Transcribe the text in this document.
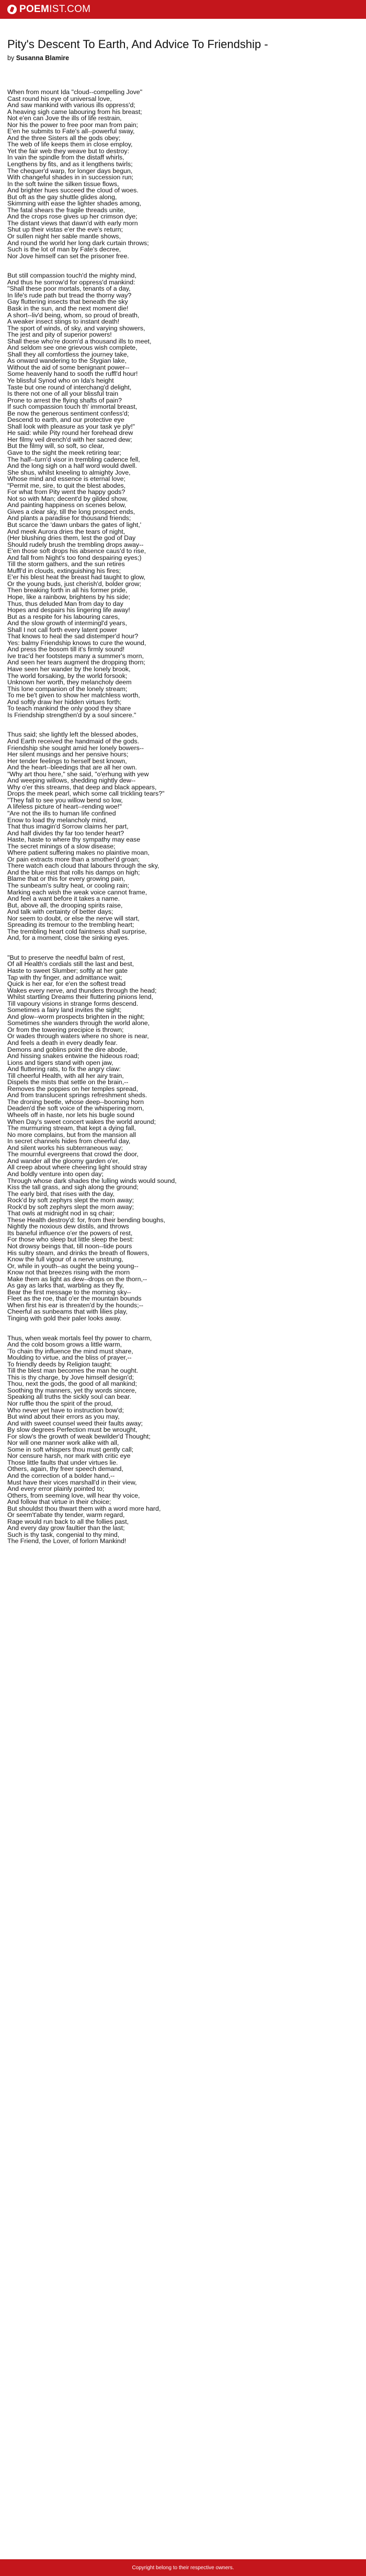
POEM IST.COM
Pity's Descent To Earth, And Advice To Friendship -
by Susanna Blamire
When from mount Ida "cloud--compelling Jove"
Cast round his eye of universal love,
And saw mankind with various ills oppress'd;
A heaving sigh came labouring from his breast;
Not e'en can Jove the ills of life restrain,
Nor his the power to free poor man from pain;
E'en he submits to Fate's all--powerful sway,
And the three Sisters all the gods obey;
The web of life keeps them in close employ,
Yet the fair web they weave but to destroy:
In vain the spindle from the distaff whirls,
Lengthens by fits, and as it lengthens twirls;
The chequer'd warp, for longer days begun,
With changeful shades in in succession run;
In the soft twine the silken tissue flows,
And brighter hues succeed the cloud of woes.
But oft as the gay shuttle glides along,
Skimming with ease the lighter shades among,
The fatal shears the fragile threads unite,
And the crops rose gives up her crimson dye;
The distant views that dawn'd with early morn
Shut up their vistas e'er the eve's return;
Or sullen night her sable mantle shows,
And round the world her long dark curtain throws;
Such is the lot of man by Fate's decree,
Nor Jove himself can set the prisoner free.
But still compassion touch'd the mighty mind,
And thus he sorrow'd for oppress'd mankind:
"Shall these poor mortals, tenants of a day,
In life's rude path but tread the thorny way?
Gay fluttering insects that beneath the sky
Bask in the sun, and the next moment die!
A short--liv'd being, whom, so proud of breath,
A weaker insect stings to instant death!
The sport of winds, of sky, and varying showers,
The jest and pity of superior powers!
Shall these who're doom'd a thousand ills to meet,
And seldom see one grievous wish complete,
Shall they all comfortless the journey take,
As onward wandering to the Stygian lake,
Without the aid of some benignant power--
Some heavenly hand to sooth the ruffl'd hour!
Ye blissful Synod who on Ida's height
Taste but one round of interchang'd delight,
Is there not one of all your blissful train
Prone to arrest the flying shafts of pain?
If such compassion touch th' immortal breast,
Be now the generous sentiment confess'd;
Descend to earth, and our protective eye
Shall look with pleasure as your task ye ply!"
He said: while Pity round her forehead drew
Her filmy veil drench'd with her sacred dew;
But the filmy will, so soft, so clear,
Gave to the sight the meek retiring tear;
The half--turn'd visor in trembling cadence fell,
And the long sigh on a half word would dwell.
She shus, whilst kneeling to almighty Jove,
Whose mind and essence is eternal love;
"Permit me, sire, to quit the blest abodes,
For what from Pity went the happy gods?
Not so with Man; decent'd by gilded show,
And painting happiness on scenes below,
Gives a clear sky, till the long prospect ends,
And plants a paradise for thousand friends;
But scarce the 'dawn unbars the gates of light,'
And meek Aurora dries the tears of night,
(Her blushing dries them, lest the god of Day
Should rudely brush the trembling drops away--
E'en those soft drops his absence caus'd to rise,
And fall from Night's too fond despairing eyes;)
Till the storm gathers, and the sun retires
Muffl'd in clouds, extinguishing his fires;
E'er his blest heat the breast had taught to glow,
Or the young buds, just cherish'd, bolder grow;
Then breaking forth in all his former pride,
Hope, like a rainbow, brightens by his side;
Thus, thus deluded Man from day to day
Hopes and despairs his lingering life away!
But as a respite for his labouring cares,
And the slow growth of intermingl'd years,
Shall I not call forth every latent power
That knows to heal the sad distemper'd hour?
Yes: balmy Friendship knows to cure the wound,
And press the bosom till it's firmly sound!
Ive trac'd her footsteps many a summer's morn,
And seen her tears augment the dropping thorn;
Have seen her wander by the lonely brook,
The world forsaking, by the world forsook;
Unknown her worth, they melancholy deem
This lone companion of the lonely stream;
To me be't given to show her matchless worth,
And softly draw her hidden virtues forth;
To teach mankind the only good they share
Is Friendship strengthen'd by a soul sincere."
Thus said; she lightly left the blessed abodes,
And Earth received the handmaid of the gods.
Friendship she sought amid her lonely bowers--
Her silent musings and her pensive hours;
Her tender feelings to herself best known,
And the heart--bleedings that are all her own.
"Why art thou here," she said, "o'erhung with yew
And weeping willows, shedding nightly dew--
Why o'er this streams, that deep and black appears,
Drops the meek pearl, which some call trickling tears?"
"They fall to see you willow bend so low,
A lifeless picture of heart--rending woe!"
"Are not the ills to human life confined
Enow to load thy melancholy mind,
That thus imagin'd Sorrow claims her part,
And half divides thy far too tender heart?
Haste, haste to where thy sympathy may ease
The secret minings of a slow disease;
Where patient suffering makes no plaintive moan,
Or pain extracts more than a smother'd groan;
There watch each cloud that labours through the sky,
And the blue mist that rolls his damps on high;
Blame that or this for every growing pain,
The sunbeam's sultry heat, or cooling rain;
Marking each wish the weak voice cannot frame,
And feel a want before it takes a name.
But, above all, the drooping spirits raise,
And talk with certainty of better days;
Nor seem to doubt, or else the nerve will start,
Spreading its tremour to the trembling heart;
The trembling heart cold faintness shall surprise,
And, for a moment, close the sinking eyes.
"But to preserve the needful balm of rest,
Of all Health's cordials still the last and best,
Haste to sweet Slumber; softly at her gate
Tap with thy finger, and admittance wait;
Quick is her ear, for e'en the softest tread
Wakes every nerve, and thunders through the head;
Whilst startling Dreams their fluttering pinions lend,
Till vapoury visions in strange forms descend.
Sometimes a fairy land invites the sight;
And glow--worm prospects brighten in the night;
Sometimes she wanders through the world alone,
Or from the towering precipice is thrown;
Or wades through waters where no shore is near,
And feels a death in every deadly fear.
Demons and goblins point the dire abode,
And hissing snakes entwine the hideous road;
Lions and tigers stand with open jaw,
And fluttering rats, to fix the angry claw:
Till cheerful Health, with all her airy train,
Dispels the mists that settle on the brain,--
Removes the poppies on her temples spread,
And from translucent springs refreshment sheds.
The droning beetle, whose deep--booming horn
Deaden'd the soft voice of the whispering morn,
Wheels off in haste, nor lets his bugle sound
When Day's sweet concert wakes the world around;
The murmuring stream, that kept a dying fall,
No more complains, but from the mansion all
In secret channels hides from cheerful day,
And silent works his subterraneous way;
The mournful evergreens that crowd the door,
And wander all the gloomy garden o'er,
All creep about where cheering light should stray
And boldly venture into open day;
Through whose dark shades the lulling winds would sound,
Kiss the tall grass, and sigh along the ground;
The early bird, that rises with the day,
Rock'd by soft zephyrs slept the morn away;
Rock'd by soft zephyrs slept the morn away;
That owls at midnight nod in sq chair;
These Health destroy'd: for, from their bending boughs,
Nightly the noxious dew distils, and throws
Its baneful influence o'er the powers of rest,
For those who sleep but little sleep the best:
Not drowsy beings that, till noon--tide pours
His sultry steam, and drinks the breath of flowers,
Know the full vigour of a nerve unstrung,
Or, while in youth--as ought the being young--
Know not that breezes rising with the morn
Make them as light as dew--drops on the thorn,--
As gay as larks that, warbling as they fly,
Bear the first message to the morning sky--
Fleet as the roe, that o'er the mountain bounds
When first his ear is threaten'd by the hounds;--
Cheerful as sunbeams that with lilies play,
Tinging with gold their paler looks away.
Thus, when weak mortals feel thy power to charm,
And the cold bosom grows a little warm,
'To chain thy influence the mind must share,
Moulding to virtue, and the bliss of prayer,--
To friendly deeds by Religion taught;
Till the blest man becomes the man he ought.
This is thy charge, by Jove himself design'd;
Thou, next the gods, the good of all mankind;
Soothing thy manners, yet thy words sincere,
Speaking all truths the sickly soul can bear.
Nor ruffle thou the spirit of the proud,
Who never yet have to instruction bow'd;
But wind about their errors as you may,
And with sweet counsel weed their faults away;
By slow degrees Perfection must be wrought,
For slow's the growth of weak bewilder'd Thought;
Nor will one manner work alike with all,
Some in soft whispers thou must gently call;
Nor censure harsh, nor mark with critic eye
Those little faults that under virtues lie.
Others, again, thy freer speech demand,
And the correction of a bolder hand,--
Must have their vices marshall'd in their view,
And every error plainly pointed to;
Others, from seeming love, will hear thy voice,
And follow that virtue in their choice;
But shouldst thou thwart them with a word more hard,
Or seem't'abate thy tender, warm regard,
Rage would run back to all the follies past,
And every day grow faultier than the last;
Such is thy task, congenial to thy mind,
The Friend, the Lover, of forlorn Mankind!
Copyright belong to their respective owners.
